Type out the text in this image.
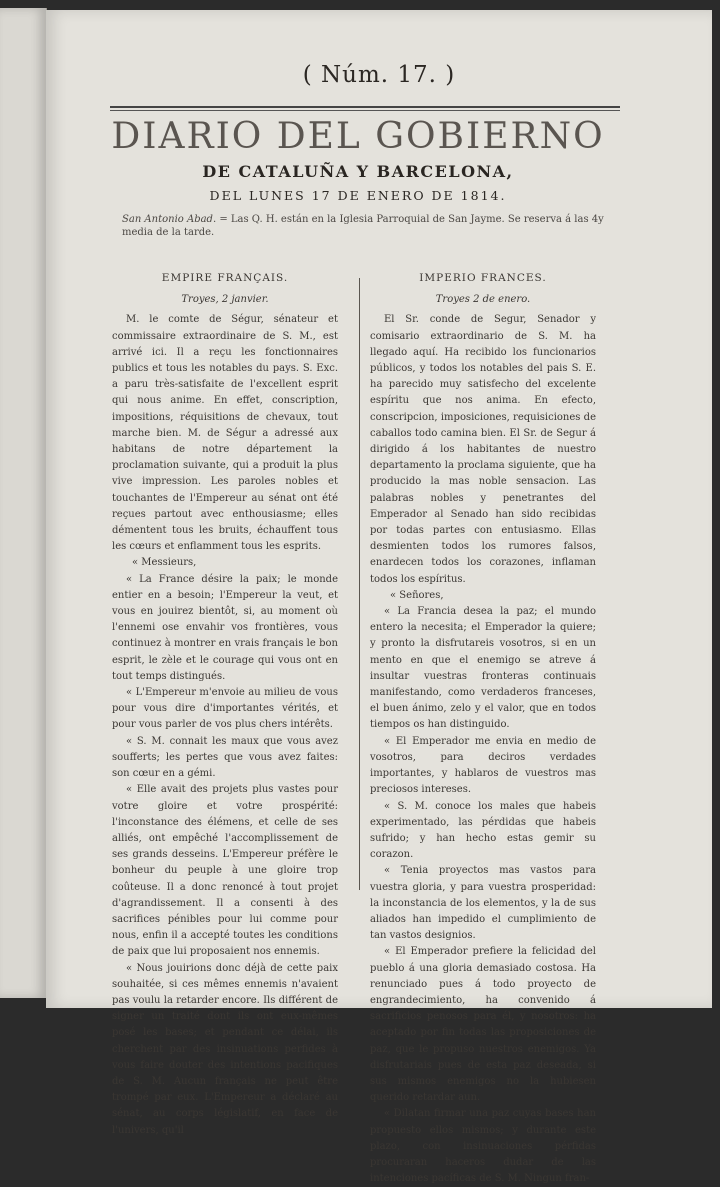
( Núm. 17. )
DIARIO DEL GOBIERNO
DE CATALUÑA Y BARCELONA,
DEL LUNES 17 DE ENERO DE 1814.
San Antonio Abad. = Las Q. H. están en la Iglesia Parroquial de San Jayme. Se reserva á las 4y media de la tarde.
EMPIRE FRANÇAIS.
Troyes, 2 janvier.

M. le comte de Ségur, sénateur et commissaire extraordinaire de S. M., est arrivé ici. Il a reçu les fonctionnaires publics et tous les notables du pays. S. Exc. a paru très-satisfaite de l'excellent esprit qui nous anime. En effet, conscription, impositions, réquisitions de chevaux, tout marche bien. M. de Ségur a adressé aux habitans de notre département la proclamation suivante, qui a produit la plus vive impression. Les paroles nobles et touchantes de l'Empereur au sénat ont été reçues partout avec enthousiasme; elles démentent tous les bruits, échauffent tous les cœurs et enflamment tous les esprits.

« Messieurs,

« La France désire la paix; le monde entier en a besoin; l'Empereur la veut, et vous en jouirez bientôt, si, au moment où l'ennemi ose envahir vos frontières, vous continuez à montrer en vrais français le bon esprit, le zèle et le courage qui vous ont en tout temps distingués.

« L'Empereur m'envoie au milieu de vous pour vous dire d'importantes vérités, et pour vous parler de vos plus chers intérêts.

« S. M. connait les maux que vous avez soufferts; les pertes que vous avez faites: son cœur en a gémi.

« Elle avait des projets plus vastes pour votre gloire et votre prospérité: l'inconstance des élémens, et celle de ses alliés, ont empêché l'accomplissement de ses grands desseins. L'Empereur préfère le bonheur du peuple à une gloire trop coûteuse. Il a donc renoncé à tout projet d'agrandissement. Il a consenti à des sacrifices pénibles pour lui comme pour nous, enfin il a accepté toutes les conditions de paix que lui proposaient nos ennemis.

« Nous jouirions donc déjà de cette paix souhaitée, si ces mêmes ennemis n'avaient pas voulu la retarder encore. Ils différent de signer un traité dont ils ont eux-mêmes posé les bases; et pendant ce délai, ils cherchent par des insinuations perfides à vous faire douter des intentions pacifiques de S. M. Aucun français ne peut être trompé par eux. L'Empereur a déclaré au sénat, au corps législatif, en face de l'univers, qu'il

IMPERIO FRANCES.
Troyes 2 de enero.

El Sr. conde de Segur, Senador y comisario extraordinario de S. M. ha llegado aquí. Ha recibido los funcionarios públicos, y todos los notables del pais S. E. ha parecido muy satisfecho del excelente espíritu que nos anima. En efecto, conscripcion, imposiciones, requisiciones de caballos todo camina bien. El Sr. de Segur á dirigido á los habitantes de nuestro departamento la proclama siguiente, que ha producido la mas noble sensacion. Las palabras nobles y penetrantes del Emperador al Senado han sido recibidas por todas partes con entusiasmo. Ellas desmienten todos los rumores falsos, enardecen todos los corazones, inflaman todos los espíritus.

« Señores,

« La Francia desea la paz; el mundo entero la necesita; el Emperador la quiere; y pronto la disfrutareis vosotros, si en un mento en que el enemigo se atreve á insultar vuestras fronteras continuais manifestando, como verdaderos franceses, el buen ánimo, zelo y el valor, que en todos tiempos os han distinguido.

« El Emperador me envia en medio de vosotros, para deciros verdades importantes, y hablaros de vuestros mas preciosos intereses.

« S. M. conoce los males que habeis experimentado, las pérdidas que habeis sufrido; y han hecho estas gemir su corazon.

« Tenia proyectos mas vastos para vuestra gloria, y para vuestra prosperidad: la inconstancia de los elementos, y la de sus aliados han impedido el cumplimiento de tan vastos designios.

« El Emperador prefiere la felicidad del pueblo á una gloria demasiado costosa. Ha renunciado pues á todo proyecto de engrandecimiento, ha convenido á sacrificios penosos para él, y nosotros: ha aceptado por fin todas las proposiciones de paz, que le propuso nuestros enemigos. Ya disfrutariais pues de esta paz deseada, si sus mismos enemigos no la hubiesen querido retardar aun.

« Dilatan firmar una paz cuyas bases han propuesto ellos mismos; y durante este plazo, con insinuaciones pérfidas procuraran haceros dudar de las intenciones pacíficas de S. M. Ningun fran-
